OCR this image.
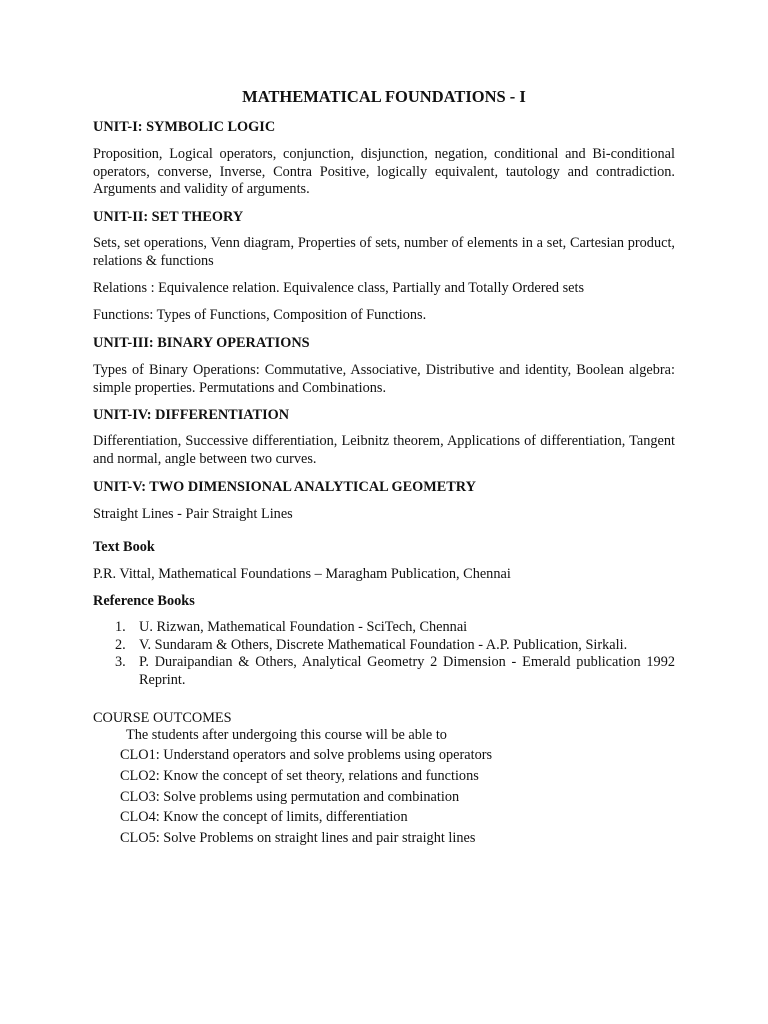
MATHEMATICAL FOUNDATIONS - I
UNIT-I: SYMBOLIC LOGIC

Proposition, Logical operators, conjunction, disjunction, negation, conditional and Bi-conditional operators, converse, Inverse, Contra Positive, logically equivalent, tautology and contradiction. Arguments and validity of arguments.

UNIT-II: SET THEORY

Sets, set operations, Venn diagram, Properties of sets, number of elements in a set, Cartesian product, relations & functions

Relations : Equivalence relation. Equivalence class, Partially and Totally Ordered sets

Functions: Types of Functions, Composition of Functions.

UNIT-III: BINARY OPERATIONS

Types of Binary Operations: Commutative, Associative, Distributive and identity, Boolean algebra: simple properties. Permutations and Combinations.

UNIT-IV: DIFFERENTIATION

Differentiation, Successive differentiation, Leibnitz theorem, Applications of differentiation, Tangent and normal, angle between two curves.

UNIT-V: TWO DIMENSIONAL ANALYTICAL GEOMETRY

Straight Lines - Pair Straight Lines

Text Book

P.R. Vittal, Mathematical Foundations – Maragham Publication, Chennai

Reference Books
1. U. Rizwan, Mathematical Foundation - SciTech, Chennai
2. V. Sundaram & Others, Discrete Mathematical Foundation - A.P. Publication, Sirkali.
3. P. Duraipandian & Others, Analytical Geometry 2 Dimension - Emerald publication 1992 Reprint.
COURSE OUTCOMES

The students after undergoing this course will be able to

CLO1: Understand operators and solve problems using operators

CLO2: Know the concept of set theory, relations and functions

CLO3: Solve problems using permutation and combination

CLO4: Know the concept of limits, differentiation

CLO5: Solve Problems on straight lines and pair straight lines
